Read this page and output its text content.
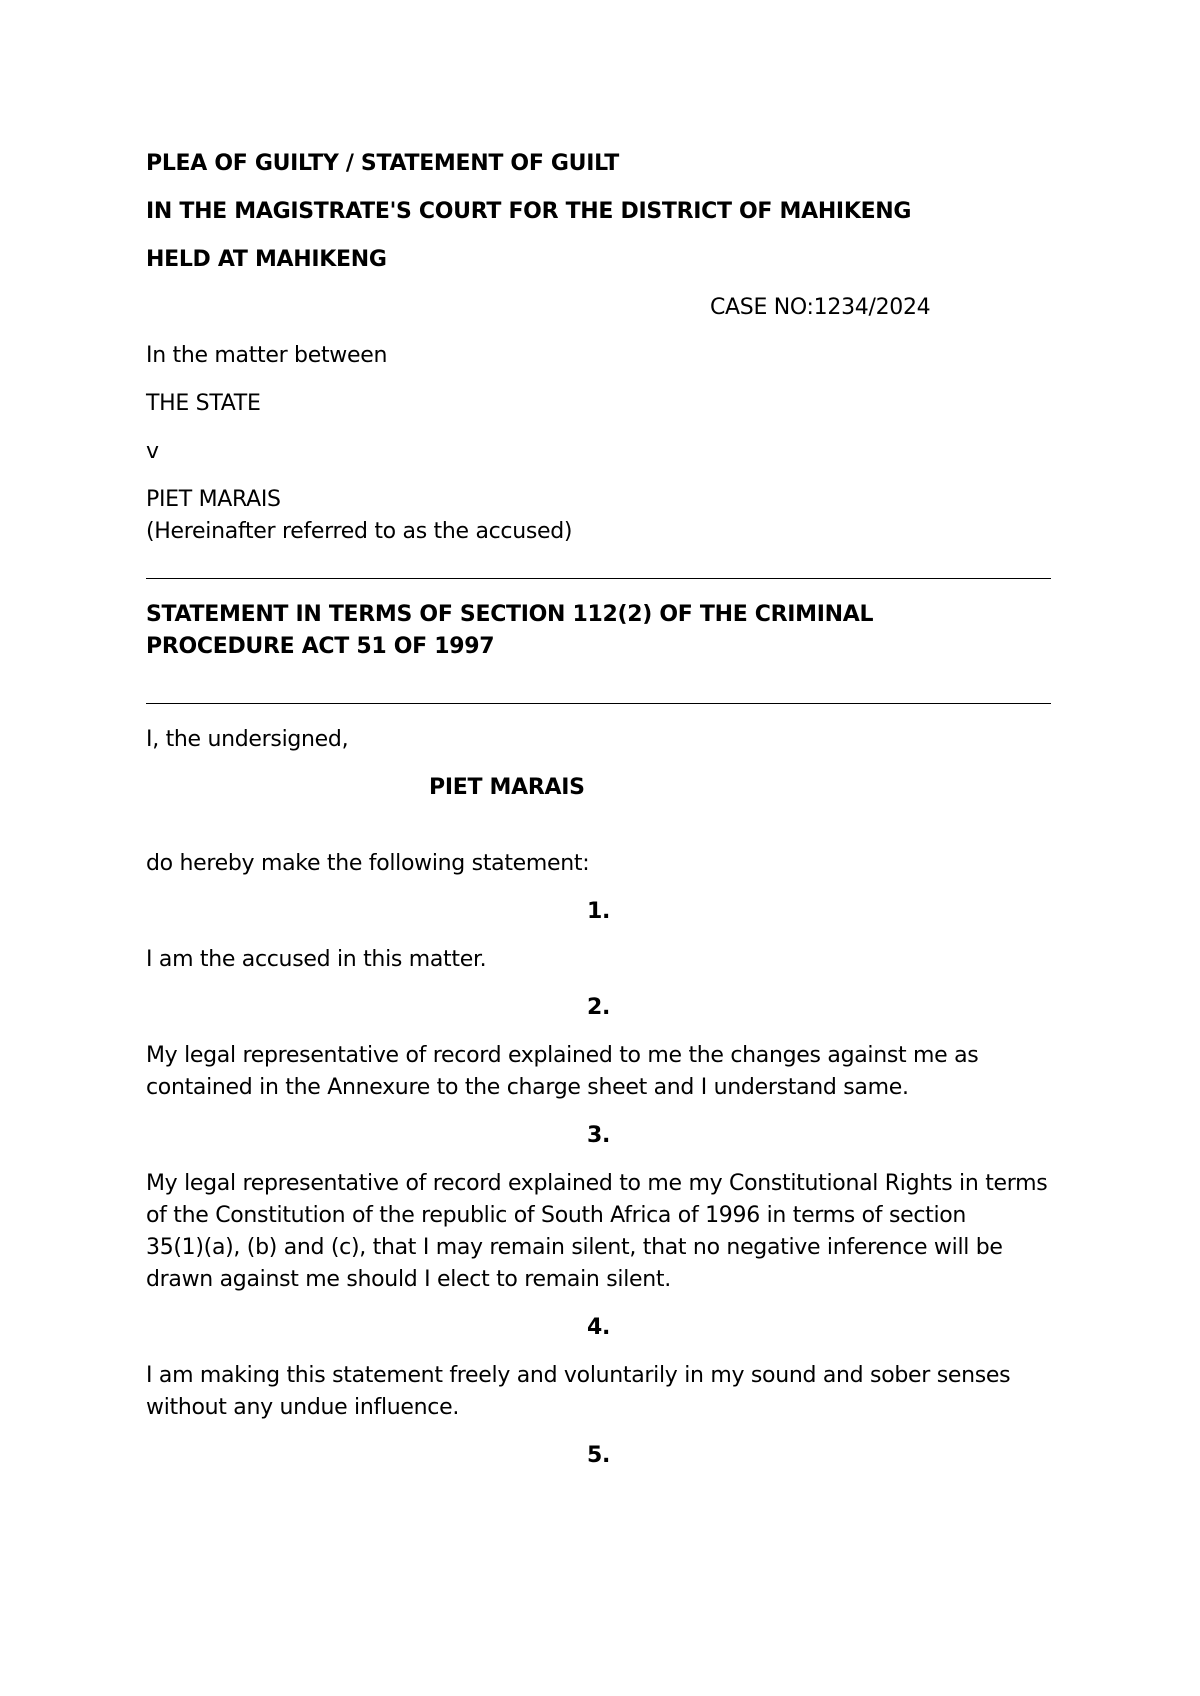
PLEA OF GUILTY / STATEMENT OF GUILT

IN THE MAGISTRATE'S COURT FOR THE DISTRICT OF MAHIKENG

HELD AT MAHIKENG

CASE NO:1234/2024

In the matter between

THE STATE

v

PIET MARAIS

(Hereinafter referred to as the accused)

STATEMENT IN TERMS OF SECTION 112(2) OF THE CRIMINAL

PROCEDURE ACT 51 OF 1997

I, the undersigned,

PIET MARAIS

do hereby make the following statement:

1.

I am the accused in this matter.

2.

My legal representative of record explained to me the changes against me as

contained in the Annexure to the charge sheet and I understand same.

3.

My legal representative of record explained to me my Constitutional Rights in terms

of the Constitution of the republic of South Africa of 1996 in terms of section

35(1)(a), (b) and (c), that I may remain silent, that no negative inference will be

drawn against me should I elect to remain silent.

4.

I am making this statement freely and voluntarily in my sound and sober senses

without any undue influence.

5.
